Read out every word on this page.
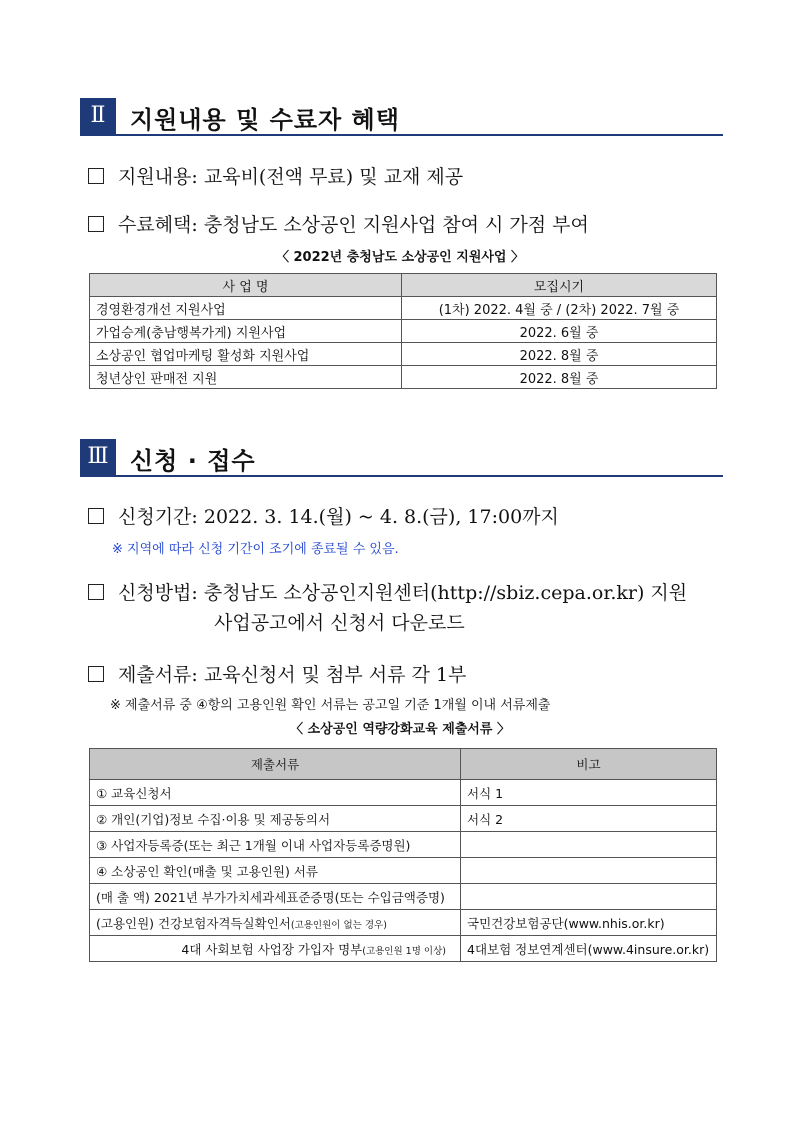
Ⅱ	지원내용 및 수료자 혜택
지원내용: 교육비(전액 무료) 및 교재 제공
수료혜택: 충청남도 소상공인 지원사업 참여 시 가점 부여
〈 2022년 충청남도 소상공인 지원사업 〉
사 업 명	모집시기
경영환경개선 지원사업	(1차) 2022. 4월 중 / (2차) 2022. 7월 중
가업승계(충남행복가게) 지원사업	2022. 6월 중
소상공인 협업마케팅 활성화 지원사업	2022. 8월 중
청년상인 판매전 지원	2022. 8월 중
Ⅲ 신청 · 접수
신청기간: 2022. 3. 14.(월) ~ 4. 8.(금), 17:00까지
※ 지역에 따라 신청 기간이 조기에 종료될 수 있음.
신청방법: 충청남도 소상공인지원센터(http://sbiz.cepa.or.kr) 지원
사업공고에서 신청서 다운로드
제출서류: 교육신청서 및 첨부 서류 각 1부
※ 제출서류 중 ④항의 고용인원 확인 서류는 공고일 기준 1개월 이내 서류제출
〈 소상공인 역량강화교육 제출서류 〉
제출서류	비고
① 교육신청서	서식 1
② 개인(기업)정보 수집·이용 및 제공동의서	서식 2
③ 사업자등록증(또는 최근 1개월 이내 사업자등록증명원)	
④ 소상공인 확인(매출 및 고용인원) 서류	
(매 출 액) 2021년 부가가치세과세표준증명(또는 수입금액증명)	
(고용인원) 건강보험자격득실확인서(고용인원이 없는 경우)	국민건강보험공단(www.nhis.or.kr)
4대 사회보험 사업장 가입자 명부(고용인원 1명 이상)	4대보험 정보연계센터(www.4insure.or.kr)
